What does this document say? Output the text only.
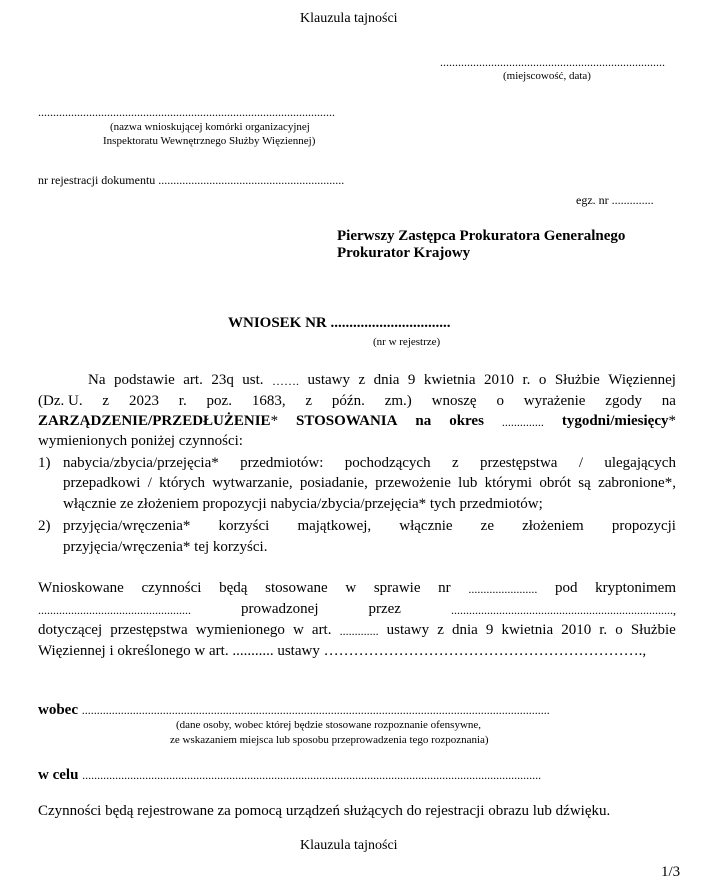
Klauzula tajności
...........................................................................
(miejscowość, data)
...................................................................................................
(nazwa wnioskującej komórki organizacyjnej
Inspektoratu Wewnętrznego Służby Więziennej)
nr rejestracji dokumentu ..............................................................
egz. nr ..............
Pierwszy Zastępca Prokuratora Generalnego
Prokurator Krajowy
WNIOSEK NR ................................
(nr w rejestrze)
Na podstawie art. 23q ust. ……. ustawy z dnia 9 kwietnia 2010 r. o Służbie Więziennej
(Dz. U. z 2023 r. poz. 1683, z późn. zm.) wnoszę o wyrażenie zgody na
ZARZĄDZENIE/PRZEDŁUŻENIE* STOSOWANIA na okres .............. tygodni/miesięcy*
wymienionych poniżej czynności:
1) nabycia/zbycia/przejęcia* przedmiotów: pochodzących z przestępstwa / ulegających
przepadkowi / których wytwarzanie, posiadanie, przewożenie lub którymi obrót są zabronione*,
włącznie ze złożeniem propozycji nabycia/zbycia/przejęcia* tych przedmiotów;
2) przyjęcia/wręczenia* korzyści majątkowej, włącznie ze złożeniem propozycji
przyjęcia/wręczenia* tej korzyści.
Wnioskowane czynności będą stosowane w sprawie nr ....................... pod kryptonimem
...................................................	prowadzonej	przez	..........................................................................,
dotyczącej przestępstwa wymienionego w art. ............. ustawy z dnia 9 kwietnia 2010 r. o Służbie
Więziennej i określonego w art. ........... ustawy ……………………………………………………….,
wobec ............................................................................................................................................................
(dane osoby, wobec której będzie stosowane rozpoznanie ofensywne,
ze wskazaniem miejsca lub sposobu przeprowadzenia tego rozpoznania)
w celu .........................................................................................................................................................
Czynności będą rejestrowane za pomocą urządzeń służących do rejestracji obrazu lub dźwięku.
Klauzula tajności
1/3
